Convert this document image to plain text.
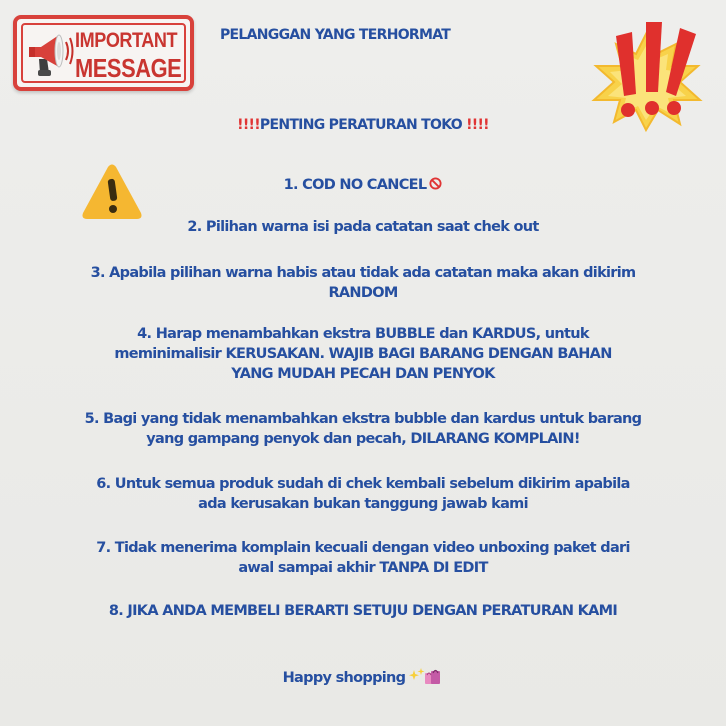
IMPORTANT
MESSAGE
PELANGGAN YANG TERHORMAT
!!!!PENTING PERATURAN TOKO !!!!
1. COD NO CANCEL
2. Pilihan warna isi pada catatan saat chek out
3. Apabila pilihan warna habis atau tidak ada catatan maka akan dikirim
RANDOM
4. Harap menambahkan ekstra BUBBLE dan KARDUS, untuk
meminimalisir KERUSAKAN. WAJIB BAGI BARANG DENGAN BAHAN
YANG MUDAH PECAH DAN PENYOK
5. Bagi yang tidak menambahkan ekstra bubble dan kardus untuk barang
yang gampang penyok dan pecah, DILARANG KOMPLAIN!
6. Untuk semua produk sudah di chek kembali sebelum dikirim apabila
ada kerusakan bukan tanggung jawab kami
7. Tidak menerima komplain kecuali dengan video unboxing paket dari
awal sampai akhir TANPA DI EDIT
8. JIKA ANDA MEMBELI BERARTI SETUJU DENGAN PERATURAN KAMI
Happy shopping
